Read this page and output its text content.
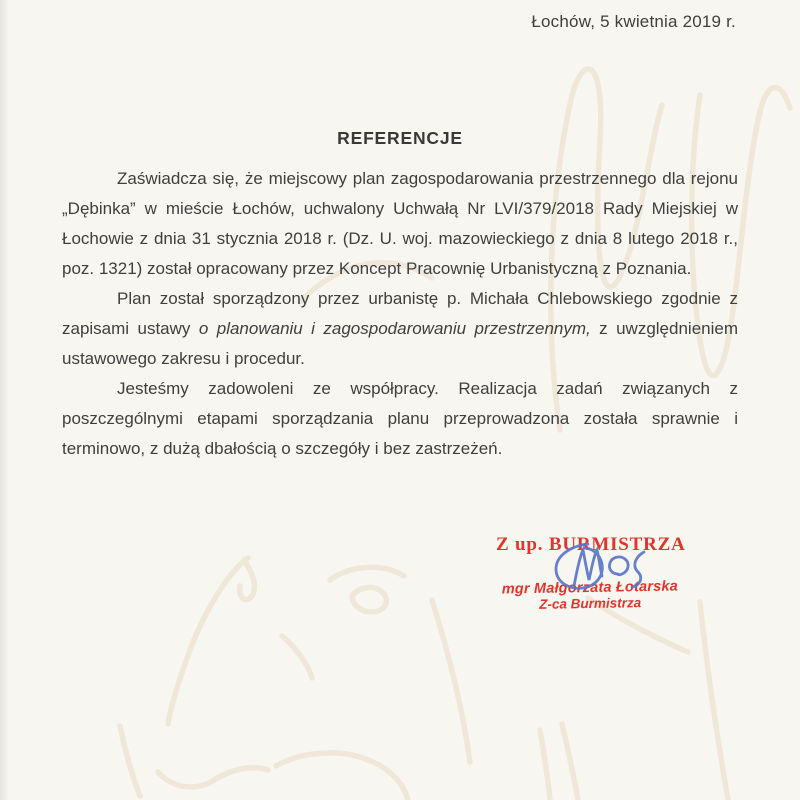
Łochów, 5 kwietnia 2019 r.
REFERENCJE

Zaświadcza się, że miejscowy plan zagospodarowania przestrzennego dla rejonu „Dębinka” w mieście Łochów, uchwalony Uchwałą Nr LVI/379/2018 Rady Miejskiej w Łochowie z dnia 31 stycznia 2018 r. (Dz. U. woj. mazowieckiego z dnia 8 lutego 2018 r., poz. 1321) został opracowany przez Koncept Pracownię Urbanistyczną z Poznania.

Plan został sporządzony przez urbanistę p. Michała Chlebowskiego zgodnie z zapisami ustawy o planowaniu i zagospodarowaniu przestrzennym, z uwzględnieniem ustawowego zakresu i procedur.

Jesteśmy zadowoleni ze współpracy. Realizacja zadań związanych z poszczególnymi etapami sporządzania planu przeprowadzona została sprawnie i terminowo, z dużą dbałością o szczegóły i bez zastrzeżeń.

Z up. BURMISTRZA
mgr Małgorzata Łotarska
Z-ca Burmistrza
